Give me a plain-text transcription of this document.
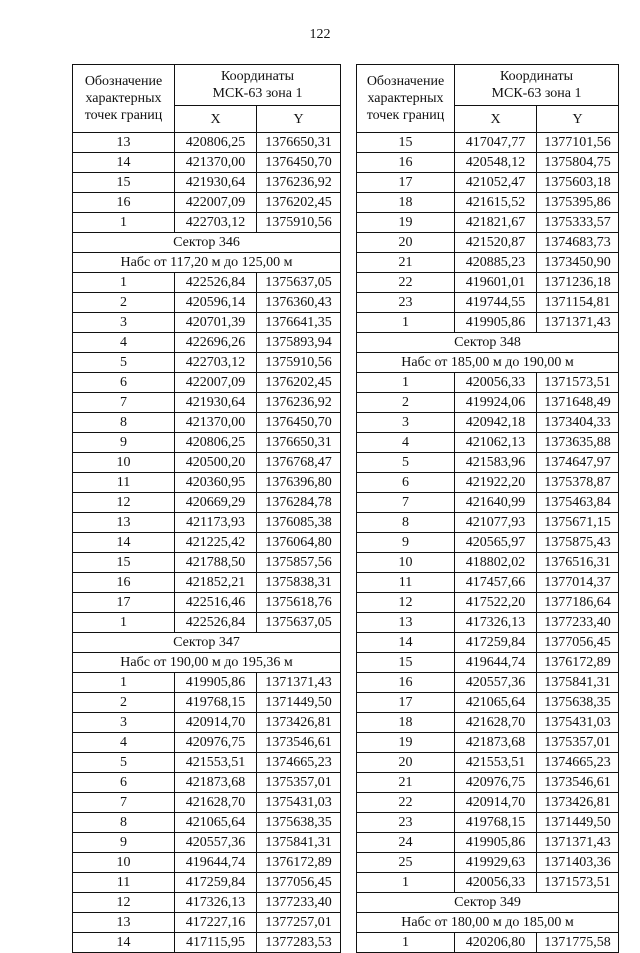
122
Обозначение
характерных
точек границ	Координаты
МСК-63 зона 1	
	X	Y
13	420806,25	1376650,31
14	421370,00	1376450,70
15	421930,64	1376236,92
16	422007,09	1376202,45
1	422703,12	1375910,56
Сектор 346		
Набс от 117,20 м до 125,00 м		
1	422526,84	1375637,05
2	420596,14	1376360,43
3	420701,39	1376641,35
4	422696,26	1375893,94
5	422703,12	1375910,56
6	422007,09	1376202,45
7	421930,64	1376236,92
8	421370,00	1376450,70
9	420806,25	1376650,31
10	420500,20	1376768,47
11	420360,95	1376396,80
12	420669,29	1376284,78
13	421173,93	1376085,38
14	421225,42	1376064,80
15	421788,50	1375857,56
16	421852,21	1375838,31
17	422516,46	1375618,76
1	422526,84	1375637,05
Сектор 347		
Набс от 190,00 м до 195,36 м		
1	419905,86	1371371,43
2	419768,15	1371449,50
3	420914,70	1373426,81
4	420976,75	1373546,61
5	421553,51	1374665,23
6	421873,68	1375357,01
7	421628,70	1375431,03
8	421065,64	1375638,35
9	420557,36	1375841,31
10	419644,74	1376172,89
11	417259,84	1377056,45
12	417326,13	1377233,40
13	417227,16	1377257,01
14	417115,95	1377283,53
Обозначение
характерных
точек границ	Координаты
МСК-63 зона 1	
	X	Y
15	417047,77	1377101,56
16	420548,12	1375804,75
17	421052,47	1375603,18
18	421615,52	1375395,86
19	421821,67	1375333,57
20	421520,87	1374683,73
21	420885,23	1373450,90
22	419601,01	1371236,18
23	419744,55	1371154,81
1	419905,86	1371371,43
Сектор 348		
Набс от 185,00 м до 190,00 м		
1	420056,33	1371573,51
2	419924,06	1371648,49
3	420942,18	1373404,33
4	421062,13	1373635,88
5	421583,96	1374647,97
6	421922,20	1375378,87
7	421640,99	1375463,84
8	421077,93	1375671,15
9	420565,97	1375875,43
10	418802,02	1376516,31
11	417457,66	1377014,37
12	417522,20	1377186,64
13	417326,13	1377233,40
14	417259,84	1377056,45
15	419644,74	1376172,89
16	420557,36	1375841,31
17	421065,64	1375638,35
18	421628,70	1375431,03
19	421873,68	1375357,01
20	421553,51	1374665,23
21	420976,75	1373546,61
22	420914,70	1373426,81
23	419768,15	1371449,50
24	419905,86	1371371,43
25	419929,63	1371403,36
1	420056,33	1371573,51
Сектор 349		
Набс от 180,00 м до 185,00 м		
1	420206,80	1371775,58
